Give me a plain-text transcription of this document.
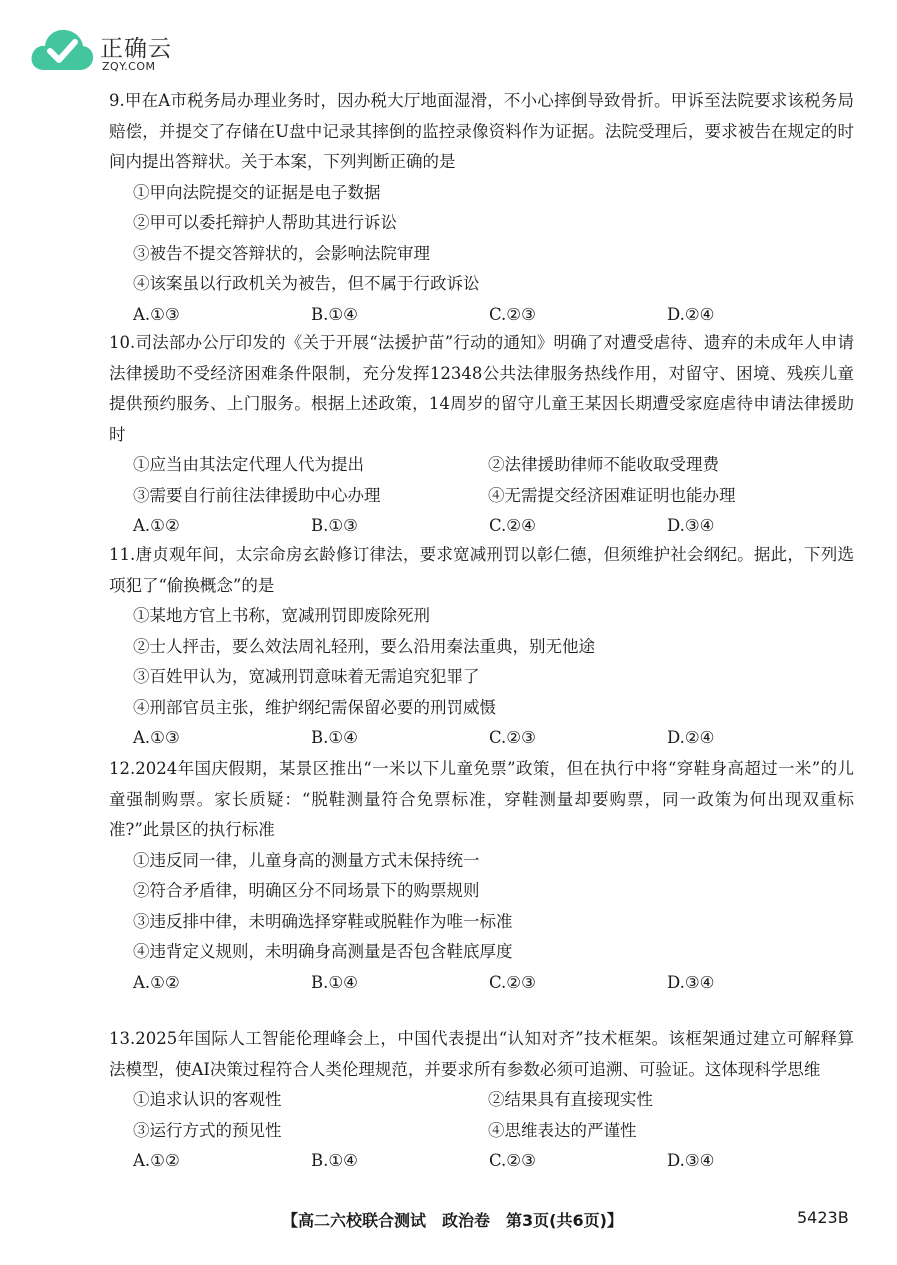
正确云
ZQY.COM

9.甲在A市税务局办理业务时，因办税大厅地面湿滑，不小心摔倒导致骨折。甲诉至法院要求该税务局赔偿，并提交了存储在U盘中记录其摔倒的监控录像资料作为证据。法院受理后，要求被告在规定的时间内提出答辩状。关于本案，下列判断正确的是

①甲向法院提交的证据是电子数据

②甲可以委托辩护人帮助其进行诉讼

③被告不提交答辩状的，会影响法院审理

④该案虽以行政机关为被告，但不属于行政诉讼

A.①③	B.①④	C.②③	D.②④

10.司法部办公厅印发的《关于开展“法援护苗”行动的通知》明确了对遭受虐待、遗弃的未成年人申请法律援助不受经济困难条件限制，充分发挥12348公共法律服务热线作用，对留守、困境、残疾儿童提供预约服务、上门服务。根据上述政策，14周岁的留守儿童王某因长期遭受家庭虐待申请法律援助时

①应当由其法定代理人代为提出	②法律援助律师不能收取受理费
③需要自行前往法律援助中心办理	④无需提交经济困难证明也能办理
A.①②	B.①③	C.②④	D.③④

11.唐贞观年间，太宗命房玄龄修订律法，要求宽减刑罚以彰仁德，但须维护社会纲纪。据此，下列选项犯了“偷换概念”的是

①某地方官上书称，宽减刑罚即废除死刑

②士人抨击，要么效法周礼轻刑，要么沿用秦法重典，别无他途

③百姓甲认为，宽减刑罚意味着无需追究犯罪了

④刑部官员主张，维护纲纪需保留必要的刑罚威慑

A.①③	B.①④	C.②③	D.②④

12.2024年国庆假期，某景区推出“一米以下儿童免票”政策，但在执行中将“穿鞋身高超过一米”的儿童强制购票。家长质疑：“脱鞋测量符合免票标准，穿鞋测量却要购票，同一政策为何出现双重标准?”此景区的执行标准

①违反同一律，儿童身高的测量方式未保持统一

②符合矛盾律，明确区分不同场景下的购票规则

③违反排中律，未明确选择穿鞋或脱鞋作为唯一标准

④违背定义规则，未明确身高测量是否包含鞋底厚度

A.①②	B.①④	C.②③	D.③④

13.2025年国际人工智能伦理峰会上，中国代表提出“认知对齐”技术框架。该框架通过建立可解释算法模型，使AI决策过程符合人类伦理规范，并要求所有参数必须可追溯、可验证。这体现科学思维

①追求认识的客观性	②结果具有直接现实性
③运行方式的预见性	④思维表达的严谨性
A.①②	B.①④	C.②③	D.③④
【高二六校联合测试　政治卷　第3页(共6页)】	5423B
